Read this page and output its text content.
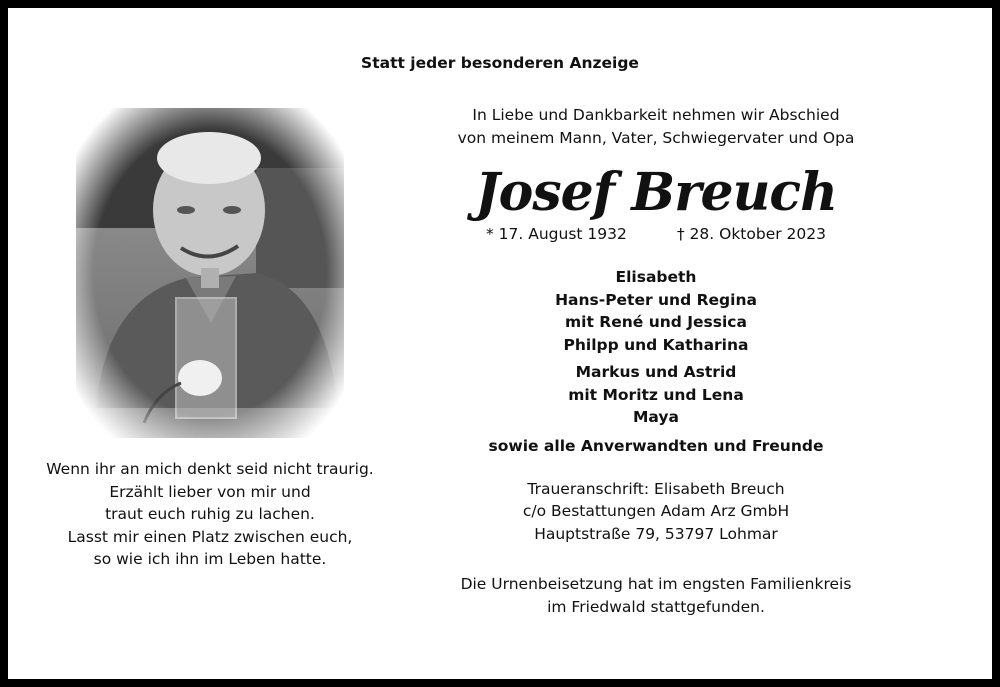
Statt jeder besonderen Anzeige
Wenn ihr an mich denkt seid nicht traurig.
Erzählt lieber von mir und
traut euch ruhig zu lachen.
Lasst mir einen Platz zwischen euch,
so wie ich ihn im Leben hatte.
In Liebe und Dankbarkeit nehmen wir Abschied
von meinem Mann, Vater, Schwiegervater und Opa
Josef Breuch
* 17. August 1932	† 28. Oktober 2023
Elisabeth
Hans-Peter und Regina
mit René und Jessica
Philpp und Katharina
Markus und Astrid
mit Moritz und Lena
Maya
sowie alle Anverwandten und Freunde
Traueranschrift: Elisabeth Breuch
c/o Bestattungen Adam Arz GmbH
Hauptstraße 79, 53797 Lohmar
Die Urnenbeisetzung hat im engsten Familienkreis
im Friedwald stattgefunden.
